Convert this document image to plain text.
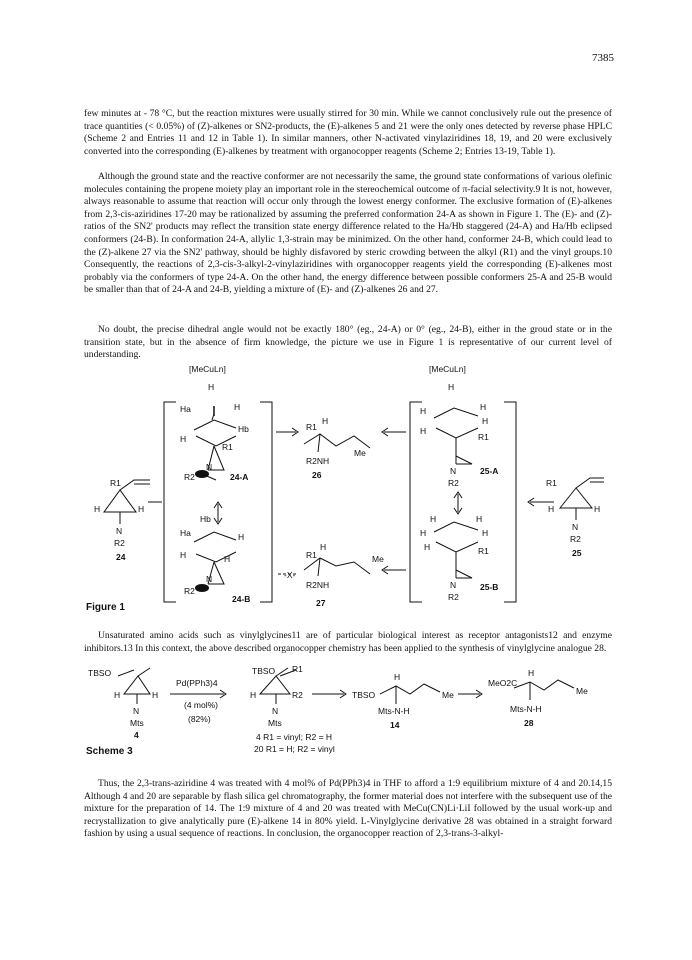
7385

few minutes at - 78 °C, but the reaction mixtures were usually stirred for 30 min. While we cannot conclusively rule out the presence of trace quantities (< 0.05%) of (Z)-alkenes or SN2-products, the (E)-alkenes 5 and 21 were the only ones detected by reverse phase HPLC (Scheme 2 and Entries 11 and 12 in Table 1). In similar manners, other N-activated vinylaziridines 18, 19, and 20 were exclusively converted into the corresponding (E)-alkenes by treatment with organocopper reagents (Scheme 2; Entries 13-19, Table 1).

Although the ground state and the reactive conformer are not necessarily the same, the ground state conformations of various olefinic molecules containing the propene moiety play an important role in the stereochemical outcome of π-facial selectivity.9 It is not, however, always reasonable to assume that reaction will occur only through the lowest energy conformer. The exclusive formation of (E)-alkenes from 2,3-cis-aziridines 17-20 may be rationalized by assuming the preferred conformation 24-A as shown in Figure 1. The (E)- and (Z)-ratios of the SN2' products may reflect the transition state energy difference related to the Ha/Hb staggered (24-A) and Ha/Hb eclipsed conformers (24-B). In conformation 24-A, allylic 1,3-strain may be minimized. On the other hand, conformer 24-B, which could lead to the (Z)-alkene 27 via the SN2' pathway, should be highly disfavored by steric crowding between the alkyl (R1) and the vinyl groups.10 Consequently, the reactions of 2,3-cis-3-alkyl-2-vinylaziridines with organocopper reagents yield the corresponding (E)-alkenes most probably via the conformers of type 24-A. On the other hand, the energy difference between possible conformers 25-A and 25-B would be smaller than that of 24-A and 24-B, yielding a mixture of (E)- and (Z)-alkenes 26 and 27.

No doubt, the precise dihedral angle would not be exactly 180° (eg., 24-A) or 0° (eg., 24-B), either in the groud state or in the transition state, but in the absence of firm knowledge, the picture we use in Figure 1 is representative of our current level of understanding.

[MeCuLn]	[MeCuLn]
R1
H	H
N
R2
24
H
Ha	H
Hb
H
R1
R2
N
24-A
Hb
Ha	H
H	H
N
R2
24-B
R1
H
Me
R2NH
26
R1
H
Me
R2NH
27
-X-
H
H
H
H
H
R1
N
R2
25-A
H	H
H	H
H	R1
N
R2
25-B
R1
H	H
N
R2
25
Figure 1

Unsaturated amino acids such as vinylglycines11 are of particular biological interest as receptor antagonists12 and enzyme inhibitors.13 In this context, the above described organocopper chemistry has been applied to the synthesis of vinylglycine analogue 28.

TBSO
H	H
N
Mts
4
Pd(PPh3)4
(4 mol%)
(82%)
TBSO R1
H	R2
N
Mts
4 R1 = vinyl; R2 = H
20 R1 = H; R2 = vinyl
TBSO
H
Me
Mts-N-H
14
MeO2C
H
Me
Mts-N-H
28
Scheme 3

Thus, the 2,3-trans-aziridine 4 was treated with 4 mol% of Pd(PPh3)4 in THF to afford a 1:9 equilibrium mixture of 4 and 20.14,15 Although 4 and 20 are separable by flash silica gel chromatography, the former material does not interfere with the subsequent use of the mixture for the preparation of 14. The 1:9 mixture of 4 and 20 was treated with MeCu(CN)Li·LiI followed by the usual work-up and recrystallization to give analytically pure (E)-alkene 14 in 80% yield. L-Vinylglycine derivative 28 was obtained in a straight forward fashion by using a usual sequence of reactions. In conclusion, the organocopper reaction of 2,3-trans-3-alkyl-
